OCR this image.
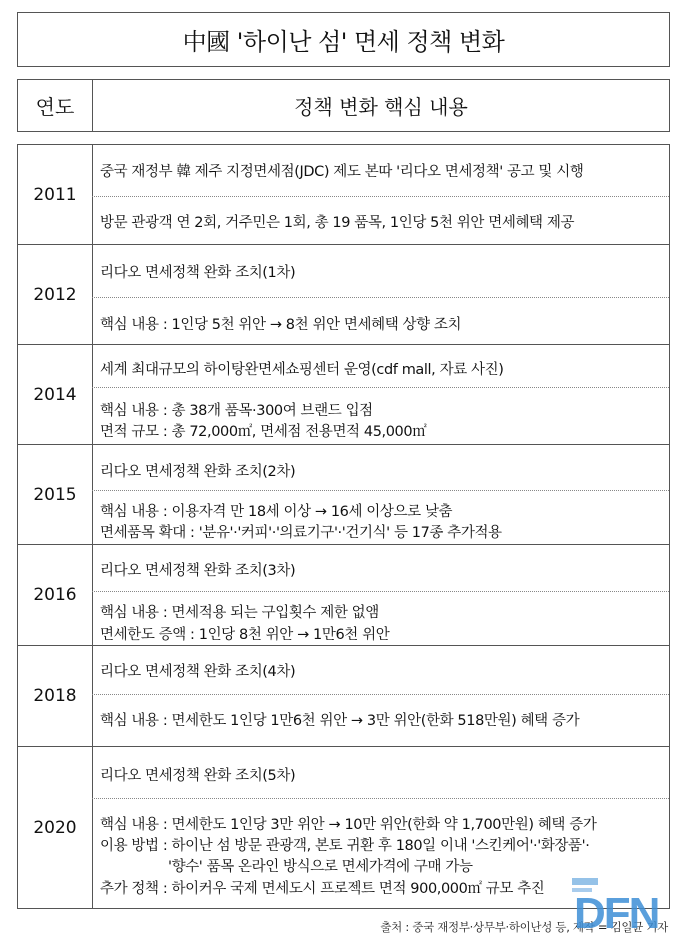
中國 '하이난 섬' 면세 정책 변화
연도	정책 변화 핵심 내용
2011
중국 재정부 韓 제주 지정면세점(JDC) 제도 본따 '리다오 면세정책' 공고 및 시행
방문 관광객 연 2회, 거주민은 1회, 총 19 품목, 1인당 5천 위안 면세혜택 제공
2012
리다오 면세정책 완화 조치(1차)
핵심 내용 : 1인당 5천 위안 → 8천 위안 면세혜택 상향 조치
2014
세계 최대규모의 하이탕완면세쇼핑센터 운영(cdf mall, 자료 사진)
핵심 내용 : 총 38개 품목·300여 브랜드 입점
면적 규모 : 총 72,000㎡, 면세점 전용면적 45,000㎡
2015
리다오 면세정책 완화 조치(2차)
핵심 내용 : 이용자격 만 18세 이상 → 16세 이상으로 낮춤
면세품목 확대 : '분유'·'커피'·'의료기구'·'건기식' 등 17종 추가적용
2016
리다오 면세정책 완화 조치(3차)
핵심 내용 : 면세적용 되는 구입횟수 제한 없앰
면세한도 증액 : 1인당 8천 위안 → 1만6천 위안
2018
리다오 면세정책 완화 조치(4차)
핵심 내용 : 면세한도 1인당 1만6천 위안 → 3만 위안(한화 518만원) 혜택 증가
2020
리다오 면세정책 완화 조치(5차)
핵심 내용 : 면세한도 1인당 3만 위안 → 10만 위안(한화 약 1,700만원) 혜택 증가
이용 방법 : 하이난 섬 방문 관광객, 본토 귀환 후 180일 이내 '스킨케어'·'화장품'·
'향수' 품목 온라인 방식으로 면세가격에 구매 가능
추가 정책 : 하이커우 국제 면세도시 프로젝트 면적 900,000㎡ 규모 추진
출처 : 중국 재정부·상무부·하이난성 등, 제작 = 김일균 기자
DFN
